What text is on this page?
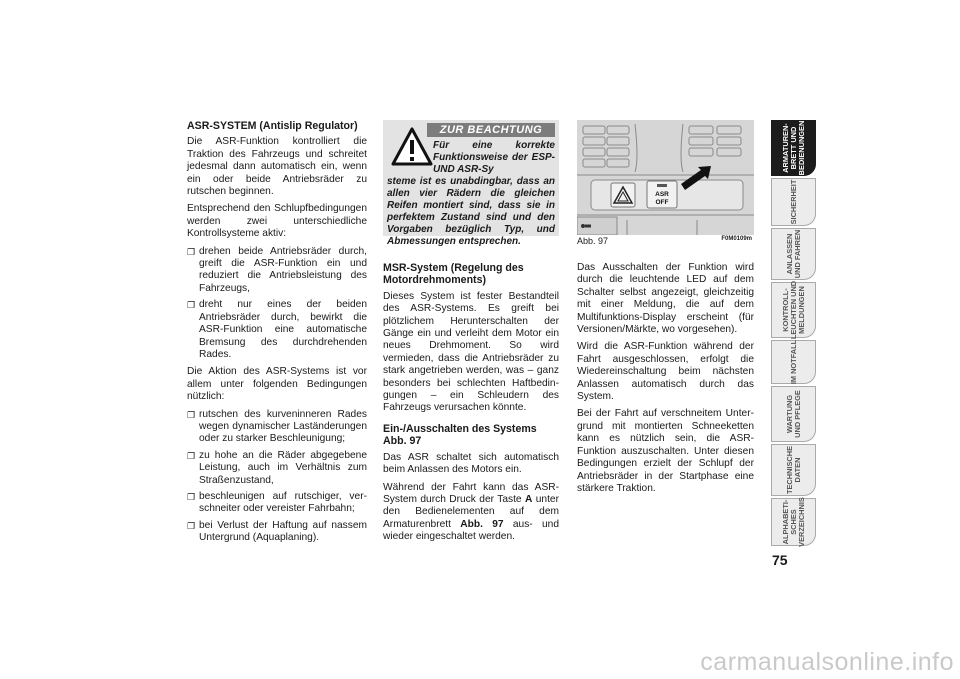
ASR-SYSTEM (Antislip Regulator)

Die ASR-Funktion kontrolliert die Traktion des Fahrzeugs und schreitet jedesmal dann automatisch ein, wenn ein oder beide Antriebsräder zu rutschen beginnen.

Entsprechend den Schlupfbedingungen werden zwei unterschiedliche Kontrollsysteme aktiv:

❐ drehen beide Antriebsräder durch, greift die ASR-Funktion ein und reduziert die Antriebsleistung des Fahrzeugs,
❐ dreht nur eines der beiden Antriebsräder durch, bewirkt die ASR-Funktion eine automatische Bremsung des durchdrehenden Rades.

Die Aktion des ASR-Systems ist vor allem unter folgenden Bedingungen nützlich:

❐ rutschen des kurveninneren Rades wegen dynamischer Laständerungen oder zu starker Beschleunigung;
❐ zu hohe an die Räder abgegebene Leistung, auch im Verhältnis zum Straßenzustand,
❐ beschleunigen auf rutschiger, verschneiter oder vereister Fahrbahn;
❐ bei Verlust der Haftung auf nassem Untergrund (Aquaplaning).
ZUR BEACHTUNG
Für eine korrekte Funktionsweise der ESP- UND ASR-Sy
steme ist es unabdingbar, dass an allen vier Rädern die gleichen Reifen montiert sind, dass sie in perfektem Zustand sind und den Vorgaben bezüglich Typ, und Abmessungen entsprechen.
MSR-System (Regelung des Motordrehmoments)

Dieses System ist fester Bestandteil des ASR-Systems. Es greift bei plötzlichem Herunterschalten der Gänge ein und verleiht dem Motor ein neues Drehmoment. So wird vermieden, dass die Antriebsräder zu stark angetrieben werden, was – ganz besonders bei schlechten Haftbedingungen – ein Schleudern des Fahrzeugs verursachen könnte.

Ein-/Ausschalten des Systems Abb. 97

Das ASR schaltet sich automatisch beim Anlassen des Motors ein.

Während der Fahrt kann das ASR-System durch Druck der Taste A unter den Bedienelementen auf dem Armaturenbrett Abb. 97 aus- und wieder eingeschaltet werden.

ASR
OFF
Abb. 97	F0M0109m

Das Ausschalten der Funktion wird durch die leuchtende LED auf dem Schalter selbst angezeigt, gleichzeitig mit einer Meldung, die auf dem Multifunktions-Display erscheint (für Versionen/Märkte, wo vorgesehen).

Wird die ASR-Funktion während der Fahrt ausgeschlossen, erfolgt die Wiedereinschaltung beim nächsten Anlassen automatisch durch das System.

Bei der Fahrt auf verschneitem Untergrund mit montierten Schneeketten kann es nützlich sein, die ASR-Funktion auszuschalten. Unter diesen Bedingungen erzielt der Schlupf der Antriebsräder in der Startphase eine stärkere Traktion.

ARMATUREN-
BRETT UND
BEDIENUNGEN
SICHERHEIT
ANLASSEN
UND FAHREN
KONTROLL-
LEUCHTEN UND
MELDUNGEN
IM NOTFALL
WARTUNG
UND PFLEGE
TECHNISCHE
DATEN
ALPHABETI-
SCHES
VERZEICHNIS
75
carmanualsonline.info
